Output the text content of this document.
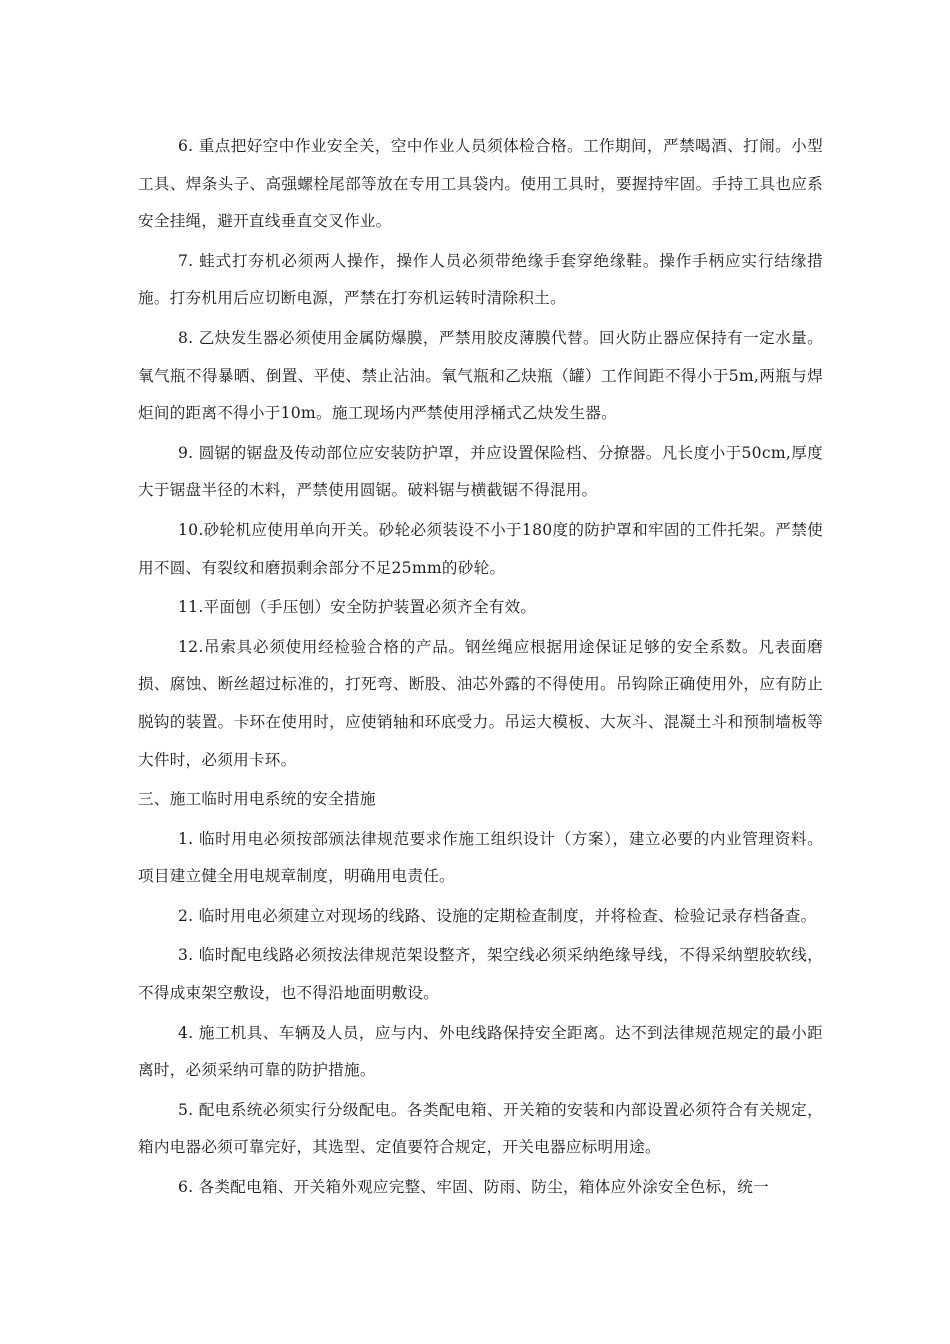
6. 重点把好空中作业安全关，空中作业人员须体检合格。工作期间，严禁喝酒、打闹。小型工具、焊条头子、高强螺栓尾部等放在专用工具袋内。使用工具时，要握持牢固。手持工具也应系安全挂绳，避开直线垂直交叉作业。

7. 蛙式打夯机必须两人操作，操作人员必须带绝缘手套穿绝缘鞋。操作手柄应实行结缘措施。打夯机用后应切断电源，严禁在打夯机运转时清除积土。

8. 乙炔发生器必须使用金属防爆膜，严禁用胶皮薄膜代替。回火防止器应保持有一定水量。氧气瓶不得暴晒、倒置、平使、禁止沾油。氧气瓶和乙炔瓶（罐）工作间距不得小于5m,两瓶与焊炬间的距离不得小于10m。施工现场内严禁使用浮桶式乙炔发生器。

9. 圆锯的锯盘及传动部位应安装防护罩，并应设置保险档、分撩器。凡长度小于50cm,厚度大于锯盘半径的木料，严禁使用圆锯。破料锯与横截锯不得混用。

10.砂轮机应使用单向开关。砂轮必须装设不小于180度的防护罩和牢固的工件托架。严禁使用不圆、有裂纹和磨损剩余部分不足25mm的砂轮。

11.平面刨（手压刨）安全防护装置必须齐全有效。

12.吊索具必须使用经检验合格的产品。钢丝绳应根据用途保证足够的安全系数。凡表面磨损、腐蚀、断丝超过标准的，打死弯、断股、油芯外露的不得使用。吊钩除正确使用外，应有防止脱钩的装置。卡环在使用时，应使销轴和环底受力。吊运大模板、大灰斗、混凝土斗和预制墙板等大件时，必须用卡环。

三、施工临时用电系统的安全措施

1. 临时用电必须按部颁法律规范要求作施工组织设计（方案），建立必要的内业管理资料。项目建立健全用电规章制度，明确用电责任。

2. 临时用电必须建立对现场的线路、设施的定期检查制度，并将检查、检验记录存档备查。

3. 临时配电线路必须按法律规范架设整齐，架空线必须采纳绝缘导线，不得采纳塑胶软线，不得成束架空敷设，也不得沿地面明敷设。

4. 施工机具、车辆及人员，应与内、外电线路保持安全距离。达不到法律规范规定的最小距离时，必须采纳可靠的防护措施。

5. 配电系统必须实行分级配电。各类配电箱、开关箱的安装和内部设置必须符合有关规定，箱内电器必须可靠完好，其选型、定值要符合规定，开关电器应标明用途。

6. 各类配电箱、开关箱外观应完整、牢固、防雨、防尘，箱体应外涂安全色标，统一
